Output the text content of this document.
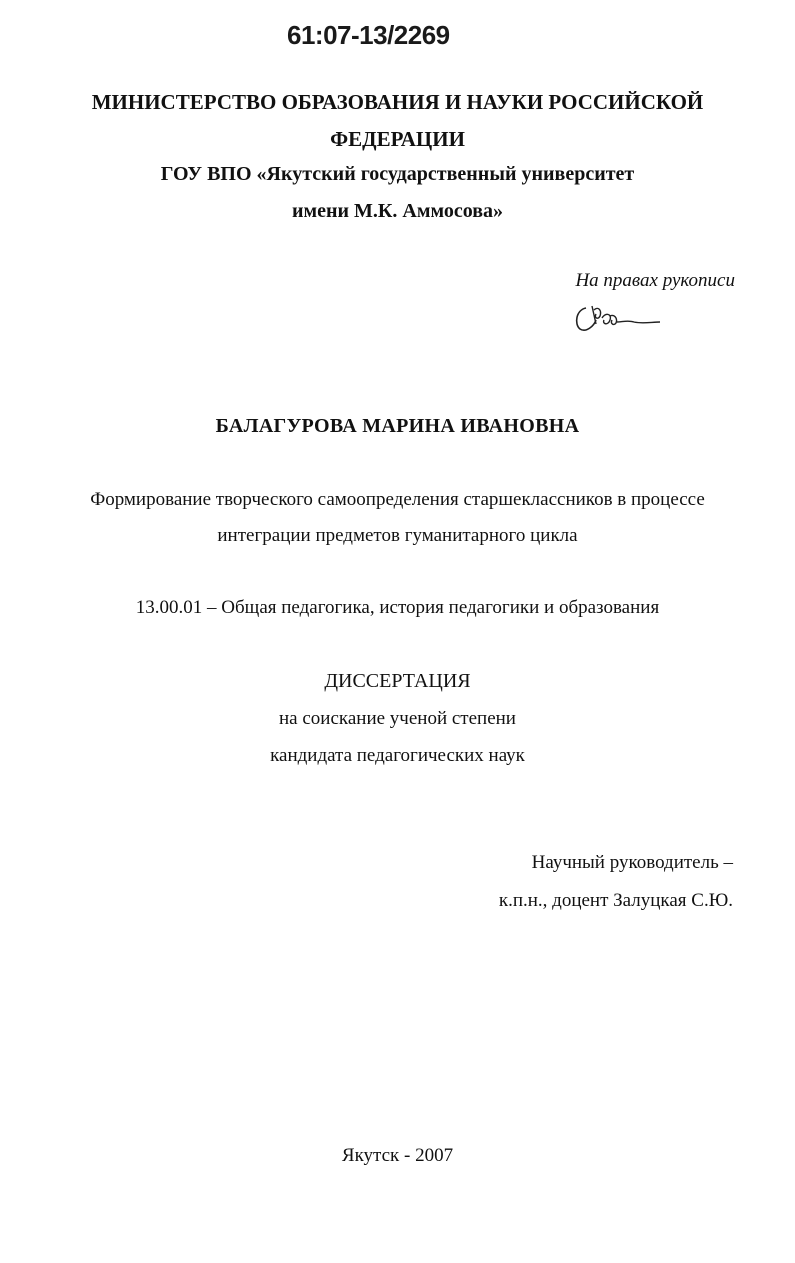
61:07-13/2269
МИНИСТЕРСТВО ОБРАЗОВАНИЯ И НАУКИ РОССИЙСКОЙ
ФЕДЕРАЦИИ
ГОУ ВПО «Якутский государственный университет
имени М.К. Аммосова»
На правах рукописи
БАЛАГУРОВА МАРИНА ИВАНОВНА
Формирование творческого самоопределения старшеклассников в процессе
интеграции предметов гуманитарного цикла
13.00.01 – Общая педагогика, история педагогики и образования
ДИССЕРТАЦИЯ
на соискание ученой степени
кандидата педагогических наук
Научный руководитель –
к.п.н., доцент Залуцкая С.Ю.
Якутск - 2007
